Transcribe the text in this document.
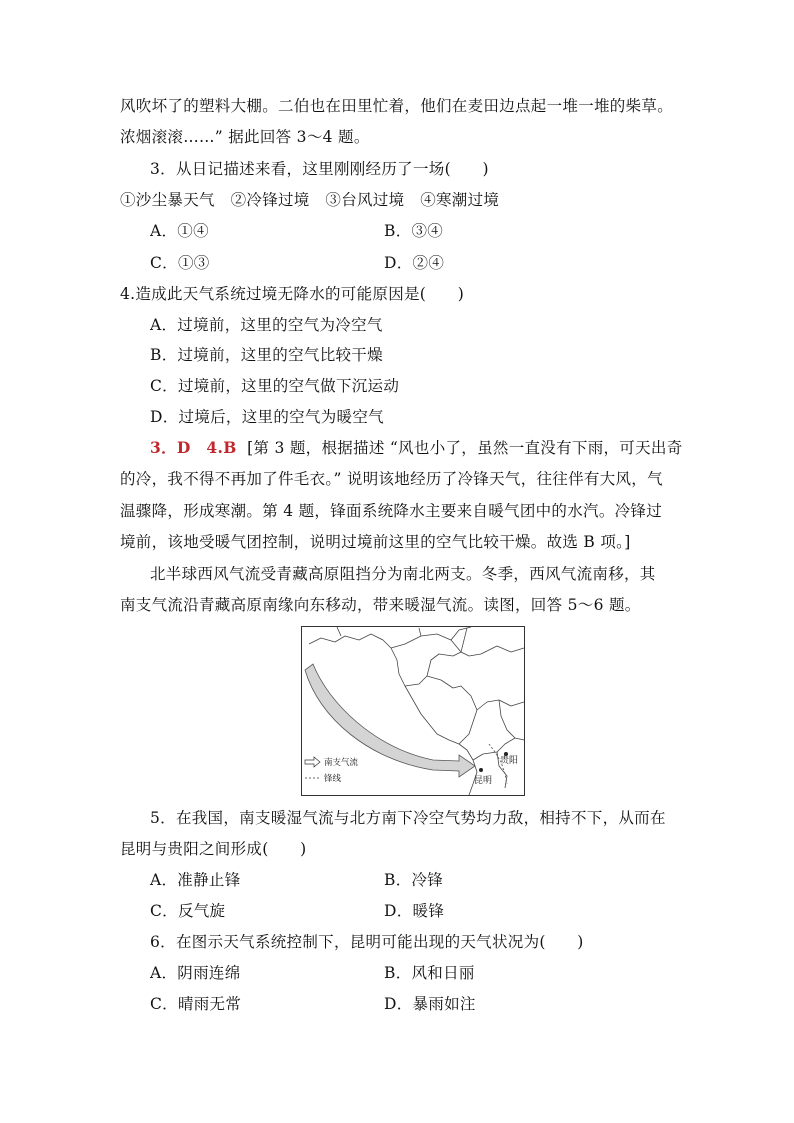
风吹坏了的塑料大棚。二伯也在田里忙着，他们在麦田边点起一堆一堆的柴草。
浓烟滚滚……” 据此回答 3～4 题。
3．从日记描述来看，这里刚刚经历了一场(　　)
①沙尘暴天气　②冷锋过境　③台风过境　④寒潮过境
A．①④	B．③④
C．①③	D．②④
4.造成此天气系统过境无降水的可能原因是(　　)
A．过境前，这里的空气为冷空气
B．过境前，这里的空气比较干燥
C．过境前，这里的空气做下沉运动
D．过境后，这里的空气为暖空气
3．D　4.B [第 3 题，根据描述 “风也小了，虽然一直没有下雨，可天出奇
的冷，我不得不再加了件毛衣。” 说明该地经历了冷锋天气，往往伴有大风，气
温骤降，形成寒潮。第 4 题，锋面系统降水主要来自暖气团中的水汽。冷锋过
境前，该地受暖气团控制，说明过境前这里的空气比较干燥。故选 B 项。]
北半球西风气流受青藏高原阻挡分为南北两支。冬季，西风气流南移，其
南支气流沿青藏高原南缘向东移动，带来暖湿气流。读图，回答 5～6 题。
贵阳
昆明
南支气流
锋线
5．在我国，南支暖湿气流与北方南下冷空气势均力敌，相持不下，从而在
昆明与贵阳之间形成(　　)
A．准静止锋	B．冷锋
C．反气旋	D．暖锋
6．在图示天气系统控制下，昆明可能出现的天气状况为(　　)
A．阴雨连绵	B．风和日丽
C．晴雨无常	D．暴雨如注
